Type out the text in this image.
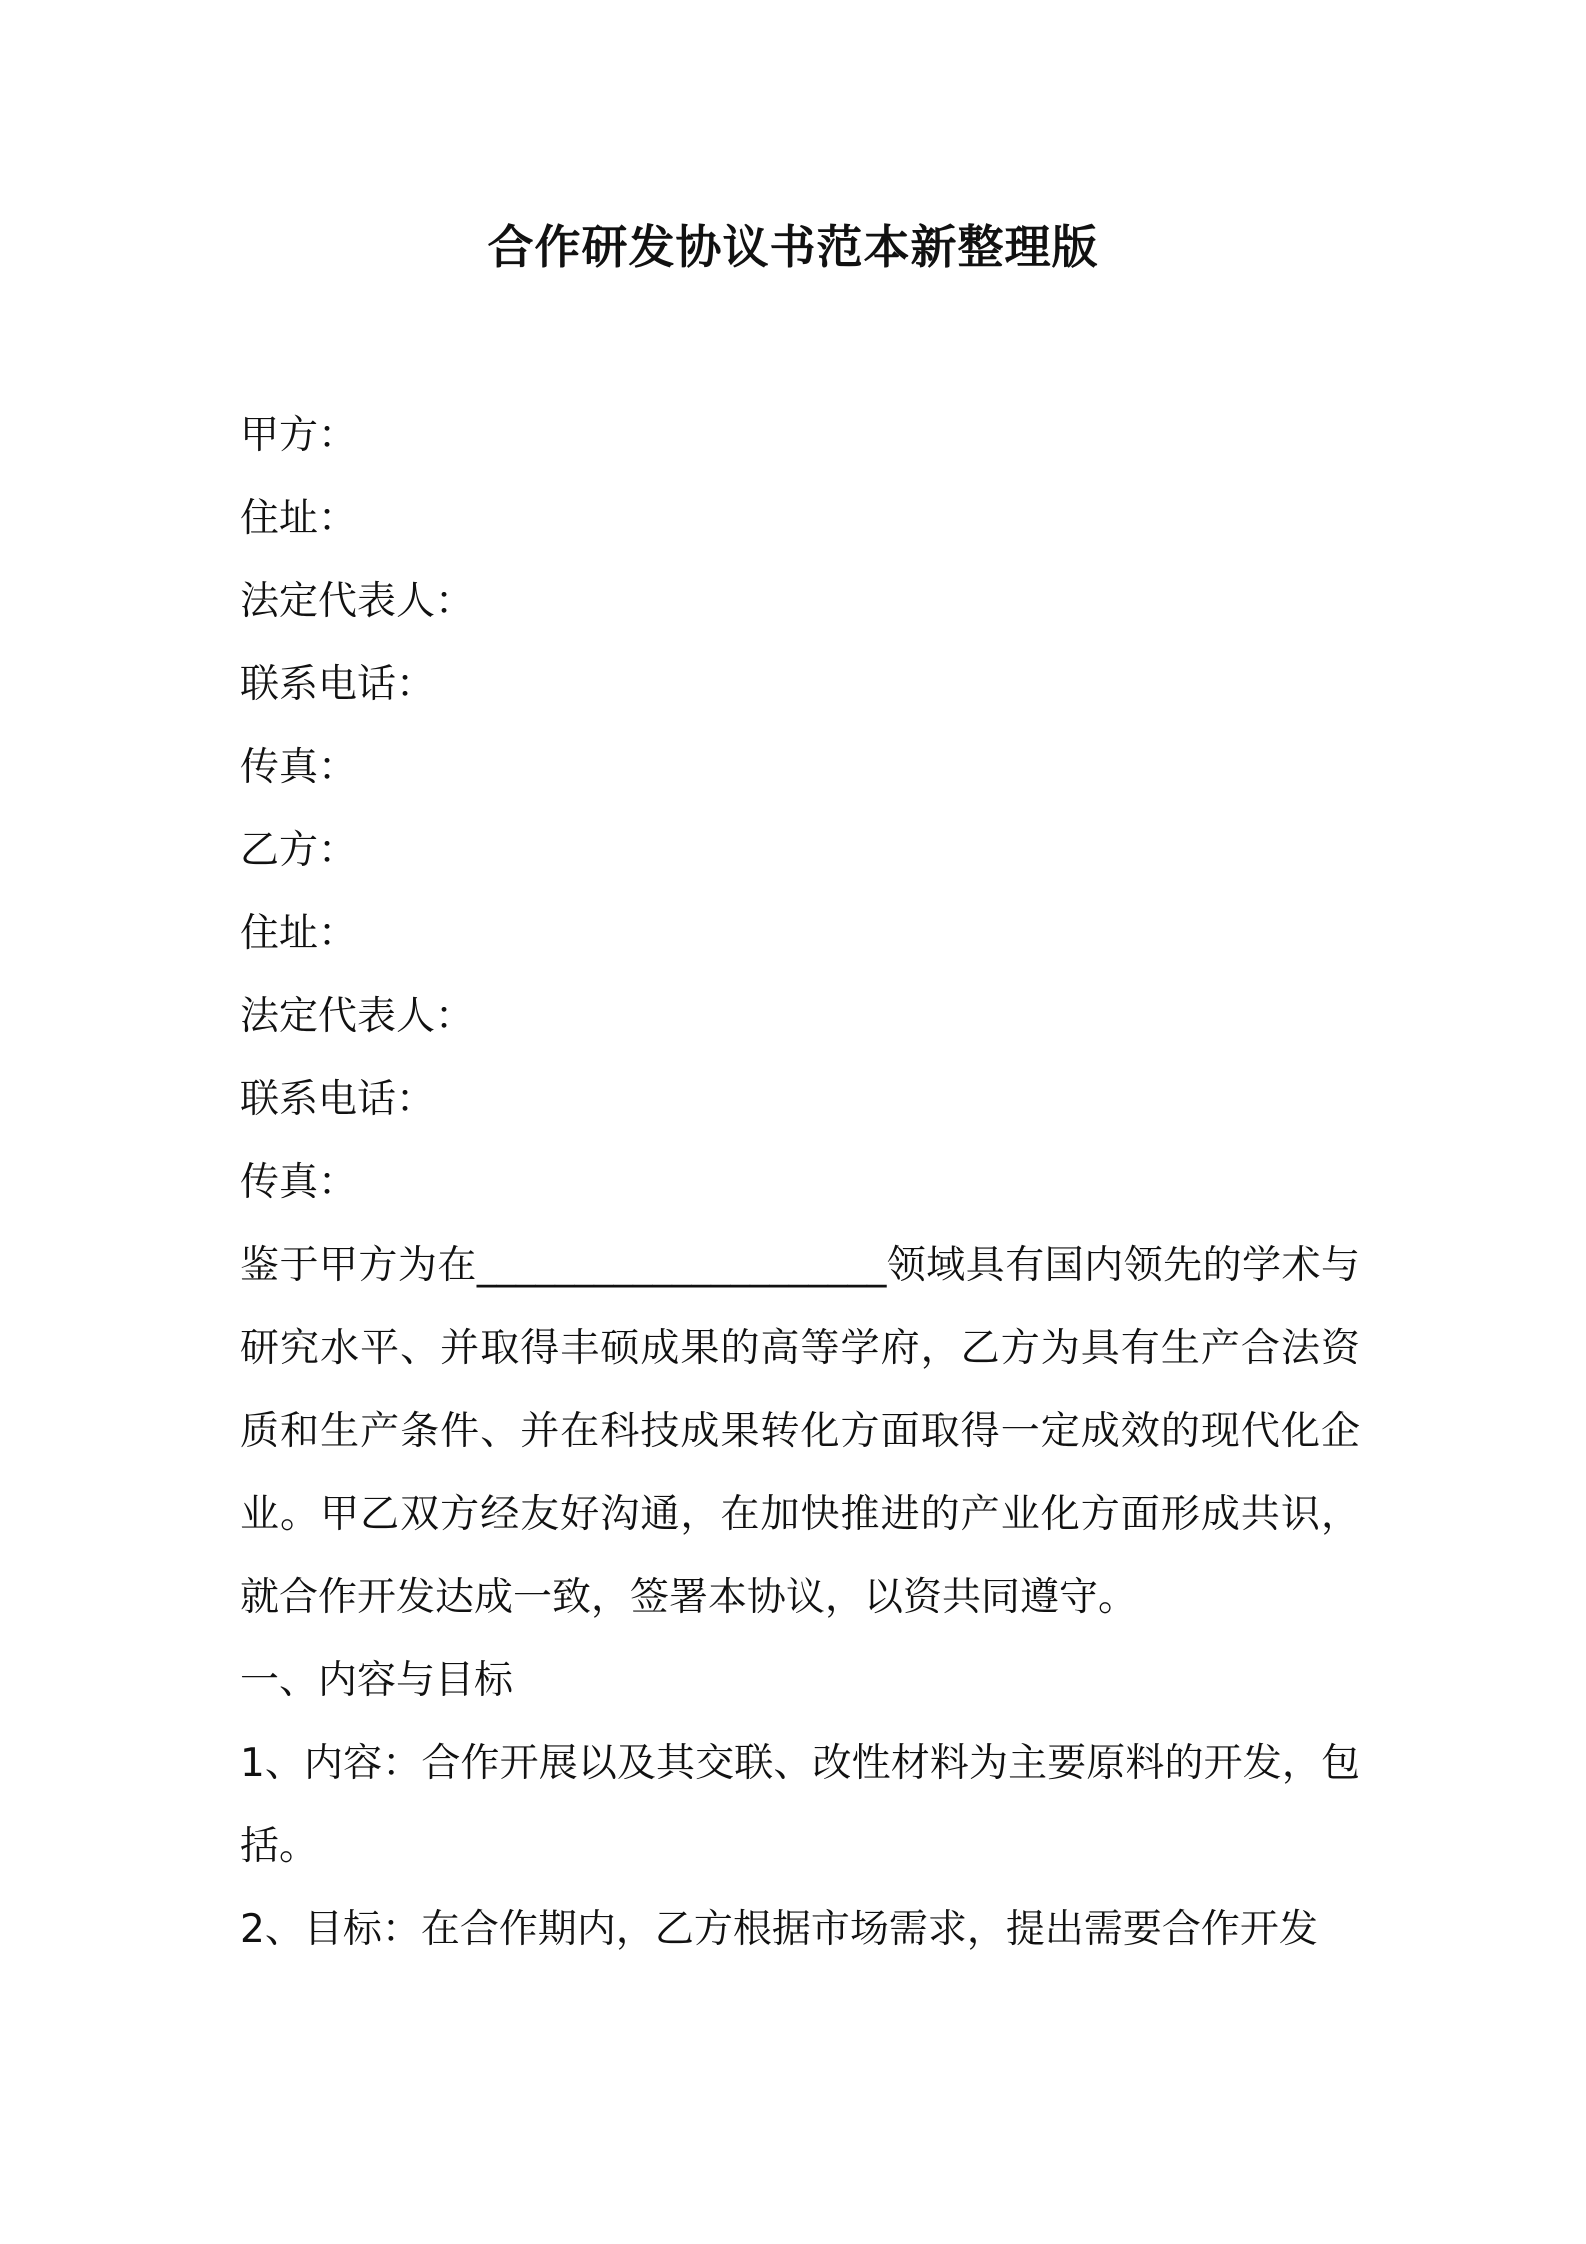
合作研发协议书范本新整理版
甲方：
住址：
法定代表人：
联系电话：
传真：
乙方：
住址：
法定代表人：
联系电话：
传真：
鉴于甲方为在_____________________领域具有国内领先的学术与研究水平、并取得丰硕成果的高等学府，乙方为具有生产合法资质和生产条件、并在科技成果转化方面取得一定成效的现代化企业。甲乙双方经友好沟通，在加快推进的产业化方面形成共识，就合作开发达成一致，签署本协议，以资共同遵守。
一、内容与目标
1、内容：合作开展以及其交联、改性材料为主要原料的开发，包括。
2、目标：在合作期内，乙方根据市场需求，提出需要合作开发
